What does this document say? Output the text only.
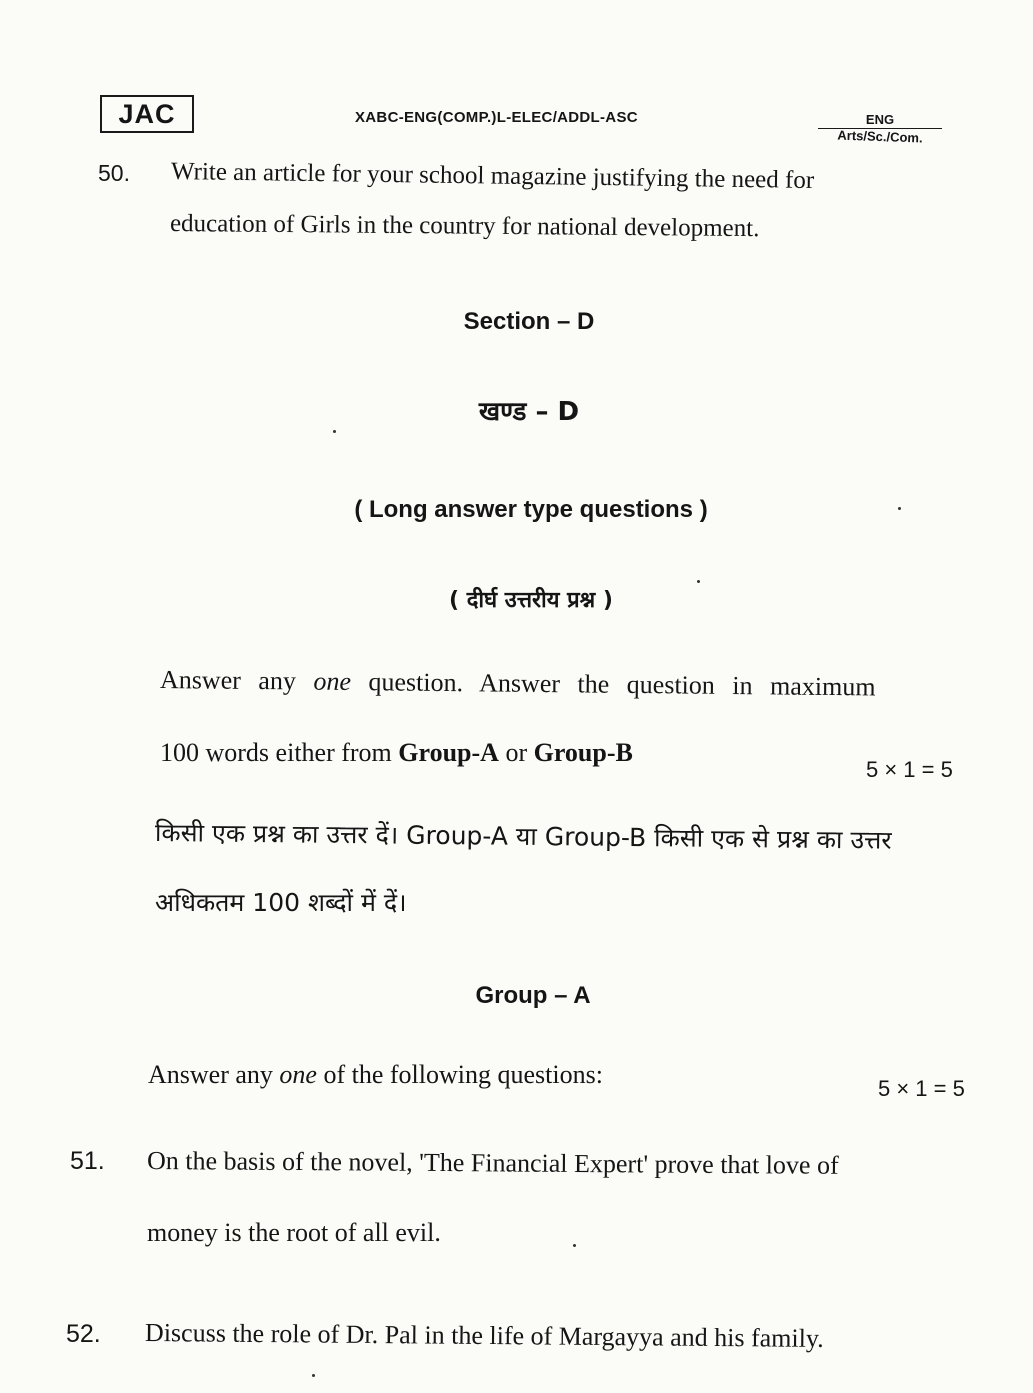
JAC	XABC-ENG(COMP.)L-ELEC/ADDL-ASC	ENG
Arts/Sc./Com.
50. Write an article for your school magazine justifying the need for
education of Girls in the country for national development.
Section – D
खण्ड – D
( Long answer type questions )
( दीर्घ उत्तरीय प्रश्न )
Answer any one question. Answer the question in maximum
100 words either from Group-A or Group-B
5 × 1 = 5
किसी एक प्रश्न का उत्तर दें। Group-A या Group-B किसी एक से प्रश्न का उत्तर
अधिकतम 100 शब्दों में दें।
Group – A
Answer any one of the following questions:	5 × 1 = 5
51. On the basis of the novel, 'The Financial Expert' prove that love of
money is the root of all evil.
52. Discuss the role of Dr. Pal in the life of Margayya and his family.
